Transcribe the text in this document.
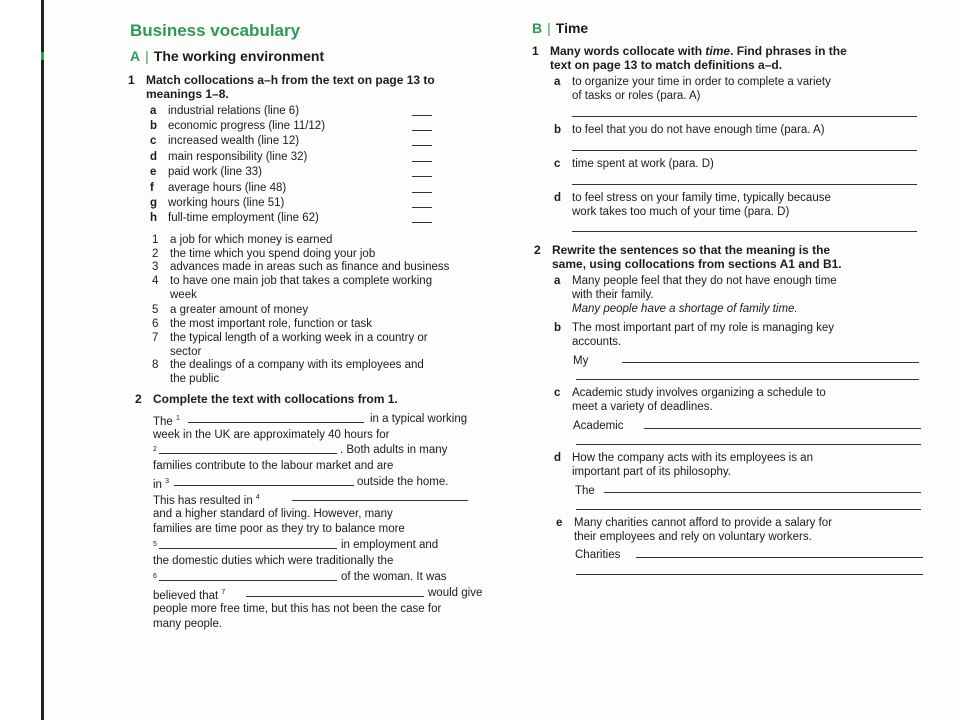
Business vocabulary
A | The working environment
1 Match collocations a–h from the text on page 13 to
meanings 1–8.
a industrial relations (line 6)
b economic progress (line 11/12)
c increased wealth (line 12)
d main responsibility (line 32)
e paid work (line 33)
f average hours (line 48)
g working hours (line 51)
h full-time employment (line 62)
1 a job for which money is earned
2 the time which you spend doing your job
3 advances made in areas such as finance and business
4 to have one main job that takes a complete working
week
5 a greater amount of money
6 the most important role, function or task
7 the typical length of a working week in a country or
sector
8 the dealings of a company with its employees and
the public
2 Complete the text with collocations from 1.
The $^1$	in a typical working
week in the UK are approximately 40 hours for
$^2$	. Both adults in many
families contribute to the labour market and are
in $^3$	outside the home.
This has resulted in $^4$
and a higher standard of living. However, many
families are time poor as they try to balance more
$^5$	in employment and
the domestic duties which were traditionally the
$^6$	of the woman. It was
believed that $^7$	would give
people more free time, but this has not been the case for
many people.
B | Time
1 Many words collocate with time. Find phrases in the
text on page 13 to match definitions a–d.
a to organize your time in order to complete a variety
of tasks or roles (para. A)
b to feel that you do not have enough time (para. A)
c time spent at work (para. D)
d to feel stress on your family time, typically because
work takes too much of your time (para. D)
2 Rewrite the sentences so that the meaning is the
same, using collocations from sections A1 and B1.
a Many people feel that they do not have enough time
with their family.
Many people have a shortage of family time.
b The most important part of my role is managing key
accounts.
My
c Academic study involves organizing a schedule to
meet a variety of deadlines.
Academic
d How the company acts with its employees is an
important part of its philosophy.
The
e Many charities cannot afford to provide a salary for
their employees and rely on voluntary workers.
Charities
